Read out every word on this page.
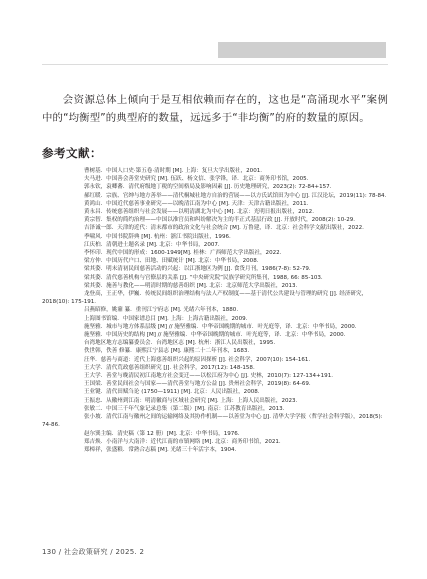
会资源总体上倾向于是互相依赖而存在的，这也是“高涌现水平”案例中的“均衡型”的典型府的数量，远远多于“非均衡”的府的数量的原因。

参考文献：
曹树基．中国人口史·第五卷·清时期 [M]. 上海：复旦大学出版社，2001.
夫马进．中国善会善堂史研究 [M]. 伍跃、杨文信、张学锋，译．北京：商务印书馆，2005.
郭永钦，袁卿蕃．清代府级地丁税的空间格局及影响因素 [J]. 历史地理研究，2023(2): 72-84+157.
郝红暖．宗族、官绅与地方善举——清代桐城社地方自治的营展——以方氏试馆田为中心 [J]. 江汉论坛，2019(11): 78-84.
黄鸿山．中国近代慈善事业研究——以晚清江南为中心 [M]. 天津：天津古籍出版社，2011.
黄永昌．传统慈善组织与社会发展——以明清湖北为中心 [M]. 北京：光明日报出版社，2012.
黄宗智．集权的简约治理——中国以准官员和纠纷解决为主的半正式基层行政 [J]. 开放时代，2008(2): 10-29.
吉泽诚一郎．天津的近代：清末都市的政治文化与社会统合 [M]. 万鲁建，译．北京：社会科学文献出版社，2022.
季啸风．中国书院辞典 [M]. 杭州：浙江书院出版社，1996.
江庆柏．清朝进士题名录 [M]. 北京：中华书局，2007.
李怀印．现代中国的形成：1600-1949[M]. 桂林：广西师范大学出版社，2022.
梁方仲．中国历代户口、田地、田赋统计 [M]. 北京：中华书局，2008.
梁其姿．明末清初民间慈善活动的兴起：以江浙地区为例 [J]. 食货月刊，1986(7-8): 52-79.
梁其姿．清代慈善机构与官僚层的关系 [J]. “中央研究院”民族学研究所集刊，1988, 66: 85-103.
梁其姿．施善与教化——明清时期的慈善组织 [M]. 北京：北京师范大学出版社，2013.
龙登高，王正华，伊巍．传统民间组织治理结构与法人产权制度——基于清代公共建设与管理的研究 [J]. 经济研究，
2018(10): 175-191.
吕燕昭修，姚鼐 纂．重刊江宁府志 [M]. 光绪六年刊本，1880.
上海图书馆编．中国家谱总目 [M]. 上海：上海古籍出版社，2009.
施坚雅．城市与地方体系层级 [M] // 施坚雅编．中华帝国晚期的城市．叶光庭等，译．北京：中华书局，2000.
施坚雅．中国历史的结构 [M] // 施坚雅编．中华帝国晚期的城市．叶光庭等，译．北京：中华书局，2000.
台湾地区地方志编纂委员会．台湾地区志 [M]. 杭州：浙江人民出版社，1995.
佚世韩，佚善 修纂．康熙江宁县志 [M]. 康熙二十二年刊本，1683.
汪华．慈善与商道：近代上海慈善组织兴起的原因探析 [J]. 社会科学，2007(10): 154-161.
王大学．清代荒政慈善组织研究 [J]. 社会科学，2017(12): 148-158.
王大学．善堂与晚清民初江南地方社会变迁——以松江府为中心 [J]. 史林，2010(7): 127-134+191.
王国梁．善堂民间社会与国家——清代善堂与地方公益 [J]. 贵州社会科学，2019(8): 64-69.
王业键．清代田赋刍论 (1750—1911) [M]. 北京：人民出版社，2008.
王振忠．从徽州到江南：明清徽商与区域社会研究 [M]. 上海：上海人民出版社，2023.
张敏二．中国三千年气象记录总集（第二版）[M]. 南京：江苏教育出版社，2013.
张小坡．清代江南与徽州之间的运输网络及其协作机制——以善堂为中心 [J]. 清华大学学报（哲学社会科学版），2018(5):
74-86.
赵尔巽主编．清史稿（第 12 册）[M]. 北京：中华书局，1976.
郑吉焕．小南洋与大南洋：近代江南的市镇网络 [M]. 北京：商务印书馆，2021.
郑樟祥，张盛粮．常熟合志稿 [M]. 光绪三十年活字本，1904.
130 / 社会政策研究 / 2025. 2
